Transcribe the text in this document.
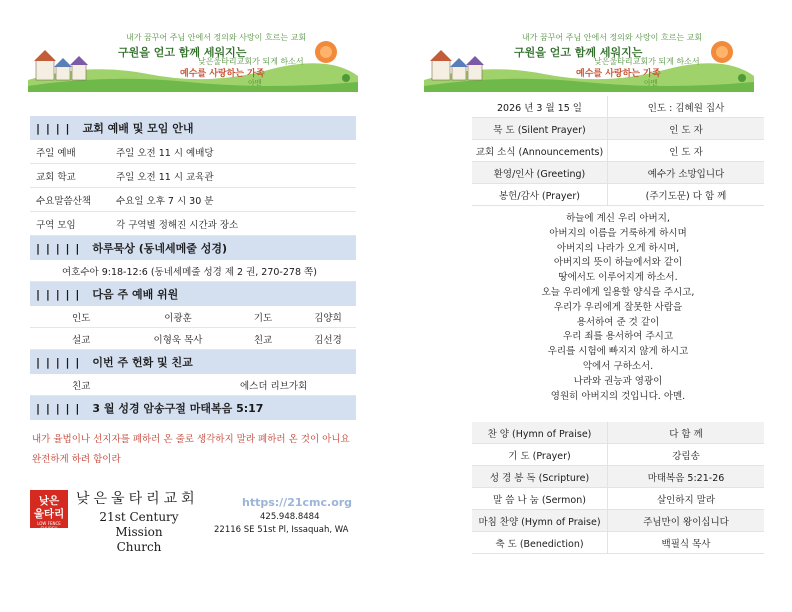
내가 꿈꾸어 주님 안에서 정의와 사랑이 흐르는 교회
구원을 얻고 함께 세워지는
낮은울타리교회가 되게 하소서
예수를 사랑하는 가족
아멘
내가 꿈꾸어 주님 안에서 정의와 사랑이 흐르는 교회
구원을 얻고 함께 세워지는
낮은울타리교회가 되게 하소서
예수를 사랑하는 가족
아멘
| | | | 교회 예배 및 모임 안내
주일 예배	주일 오전 11 시 예배당
교회 학교	주일 오전 11 시 교육관
수요말씀산책	수요일 오후 7 시 30 분
구역 모임	각 구역별 정해진 시간과 장소
| | | | | 하루묵상 (동네세메줄 성경)
여호수아 9:18-12:6 (동네세메줄 성경 제 2 권, 270-278 쪽)
| | | | | 다음 주 예배 위원
인도	이광훈	기도	김양희
설교	이형욱 목사	친교	김선경
| | | | | 이번 주 헌화 및 친교
친교	에스더 리브가회
| | | | | 3 월 성경 암송구절 마태복음 5:17
내가 율법이나 선지자를 폐하러 온 줄로 생각하지 말라 폐하러 온 것이 아니요 완전하게 하려 함이라
낮은
울타리
LOW FENCE CHURCH
낮은울타리교회
21st Century Mission
Church
https://21cmc.org
425.948.8484
22116 SE 51st Pl, Issaquah, WA
2026 년 3 월 15 일	인도 : 김혜원 집사
묵 도 (Silent Prayer)	인 도 자
교회 소식 (Announcements)	인 도 자
환영/인사 (Greeting)	예수가 소망입니다
봉헌/감사 (Prayer)	(주기도문) 다 함 께
하늘에 계신 우리 아버지,
아버지의 이름을 거룩하게 하시며
아버지의 나라가 오게 하시며,
아버지의 뜻이 하늘에서와 같이
땅에서도 이루어지게 하소서.
오늘 우리에게 일용할 양식을 주시고,
우리가 우리에게 잘못한 사람을
용서하여 준 것 같이
우리 죄를 용서하여 주시고
우리를 시험에 빠지지 않게 하시고
악에서 구하소서.
나라와 권능과 영광이
영원히 아버지의 것입니다. 아멘.
찬 양 (Hymn of Praise)	다 함 께
기 도 (Prayer)	강림송
성 경 봉 독 (Scripture)	마태복음 5:21-26
말 씀 나 눔 (Sermon)	살인하지 말라
마침 찬양 (Hymn of Praise)	주님만이 왕이십니다
축 도 (Benediction)	백필식 목사
